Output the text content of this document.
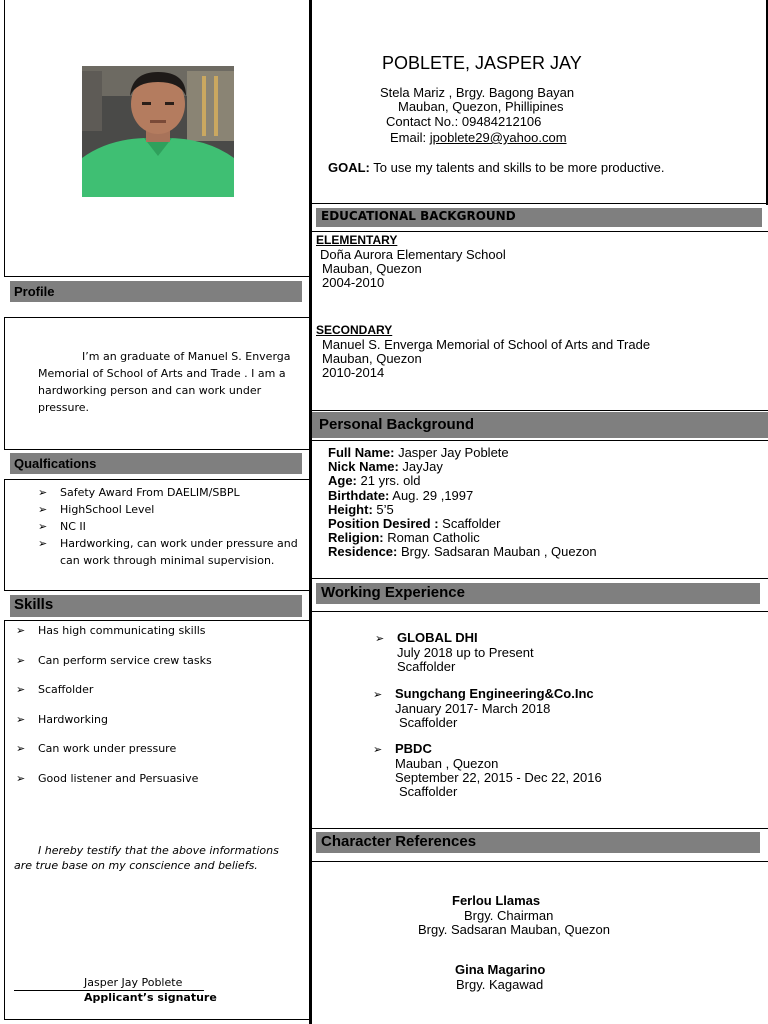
Profile
I’m an graduate of Manuel S. Enverga Memorial of School of Arts and Trade . I am a hardworking person and can work under pressure.
Qualfications
➢ Safety Award From DAELIM/SBPL
➢ HighSchool Level
➢ NC II
➢ Hardworking, can work under pressure and can work through minimal supervision.
Skills
➢ Has high communicating skills
➢ Can perform service crew tasks
➢ Scaffolder
➢ Hardworking
➢ Can work under pressure
➢ Good listener and Persuasive
I hereby testify that the above informations are true base on my conscience and beliefs.
Jasper Jay Poblete
Applicant’s signature
POBLETE, JASPER JAY
Stela Mariz , Brgy. Bagong Bayan
Mauban, Quezon, Phillipines
Contact No.: 09484212106
Email: jpoblete29@yahoo.com
GOAL: To use my talents and skills to be more productive.
EDUCATIONAL BACKGROUND
ELEMENTARY
Doña Aurora Elementary School
Mauban, Quezon
2004-2010
SECONDARY
Manuel S. Enverga Memorial of School of Arts and Trade
Mauban, Quezon
2010-2014
Personal Background
Full Name: Jasper Jay Poblete
Nick Name: JayJay
Age: 21 yrs. old
Birthdate: Aug. 29 ,1997
Height: 5’5
Position Desired : Scaffolder
Religion: Roman Catholic
Residence: Brgy. Sadsaran Mauban , Quezon
Working Experience
➢ GLOBAL DHI
July 2018 up to Present
Scaffolder
➢ Sungchang Engineering&Co.Inc
January 2017- March 2018
Scaffolder
➢ PBDC
Mauban , Quezon
September 22, 2015 - Dec 22, 2016
Scaffolder
Character References
Ferlou Llamas
Brgy. Chairman
Brgy. Sadsaran Mauban, Quezon
Gina Magarino
Brgy. Kagawad
